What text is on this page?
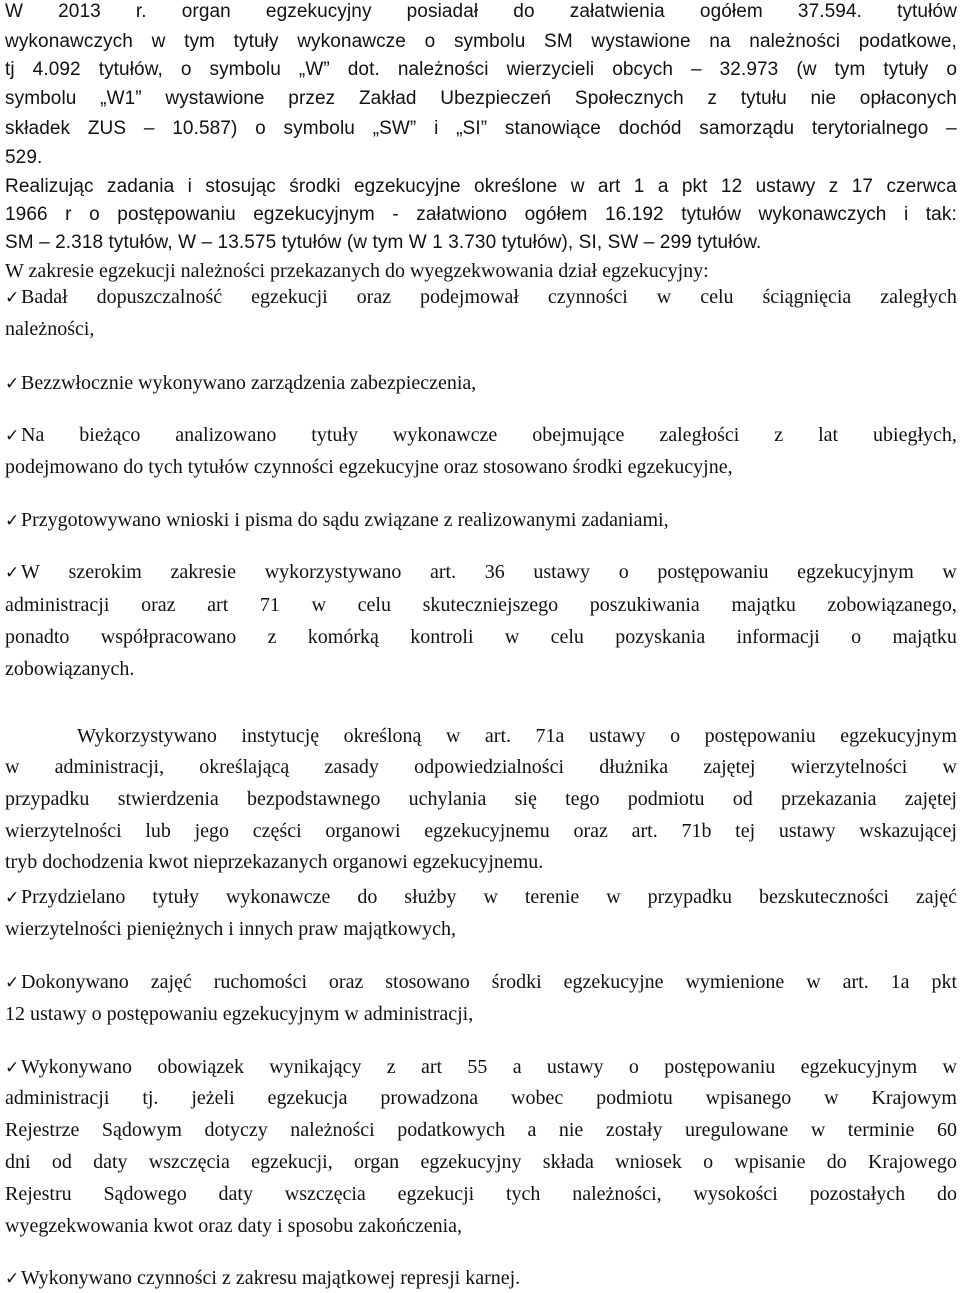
W 2013 r. organ egzekucyjny posiadał do załatwienia ogółem 37.594. tytułów
wykonawczych w tym tytuły wykonawcze o symbolu SM wystawione na należności podatkowe,
tj 4.092 tytułów, o symbolu „W” dot. należności wierzycieli obcych – 32.973 (w tym tytuły o
symbolu „W1” wystawione przez Zakład Ubezpieczeń Społecznych z tytułu nie opłaconych
składek ZUS – 10.587) o symbolu „SW” i „SI” stanowiące dochód samorządu terytorialnego –
529.
Realizując zadania i stosując środki egzekucyjne określone w art 1 a pkt 12 ustawy z 17 czerwca
1966 r o postępowaniu egzekucyjnym - załatwiono ogółem 16.192 tytułów wykonawczych i tak:
SM – 2.318 tytułów, W – 13.575 tytułów (w tym W 1 3.730 tytułów), SI, SW – 299 tytułów.
W zakresie egzekucji należności przekazanych do wyegzekwowania dział egzekucyjny:
✓Badał dopuszczalność egzekucji oraz podejmował czynności w celu ściągnięcia zaległych
należności,
✓Bezzwłocznie wykonywano zarządzenia zabezpieczenia,
✓Na bieżąco analizowano tytuły wykonawcze obejmujące zaległości z lat ubiegłych,
podejmowano do tych tytułów czynności egzekucyjne oraz stosowano środki egzekucyjne,
✓Przygotowywano wnioski i pisma do sądu związane z realizowanymi zadaniami,
✓W szerokim zakresie wykorzystywano art. 36 ustawy o postępowaniu egzekucyjnym w
administracji oraz art 71 w celu skuteczniejszego poszukiwania majątku zobowiązanego,
ponadto współpracowano z komórką kontroli w celu pozyskania informacji o majątku
zobowiązanych.
Wykorzystywano instytucję określoną w art. 71a ustawy o postępowaniu egzekucyjnym
w administracji, określającą zasady odpowiedzialności dłużnika zajętej wierzytelności w
przypadku stwierdzenia bezpodstawnego uchylania się tego podmiotu od przekazania zajętej
wierzytelności lub jego części organowi egzekucyjnemu oraz art. 71b tej ustawy wskazującej
tryb dochodzenia kwot nieprzekazanych organowi egzekucyjnemu.
✓Przydzielano tytuły wykonawcze do służby w terenie w przypadku bezskuteczności zajęć
wierzytelności pieniężnych i innych praw majątkowych,
✓Dokonywano zajęć ruchomości oraz stosowano środki egzekucyjne wymienione w art. 1a pkt
12 ustawy o postępowaniu egzekucyjnym w administracji,
✓Wykonywano obowiązek wynikający z art 55 a ustawy o postępowaniu egzekucyjnym w
administracji tj. jeżeli egzekucja prowadzona wobec podmiotu wpisanego w Krajowym
Rejestrze Sądowym dotyczy należności podatkowych a nie zostały uregulowane w terminie 60
dni od daty wszczęcia egzekucji, organ egzekucyjny składa wniosek o wpisanie do Krajowego
Rejestru Sądowego daty wszczęcia egzekucji tych należności, wysokości pozostałych do
wyegzekwowania kwot oraz daty i sposobu zakończenia,
✓Wykonywano czynności z zakresu majątkowej represji karnej.
